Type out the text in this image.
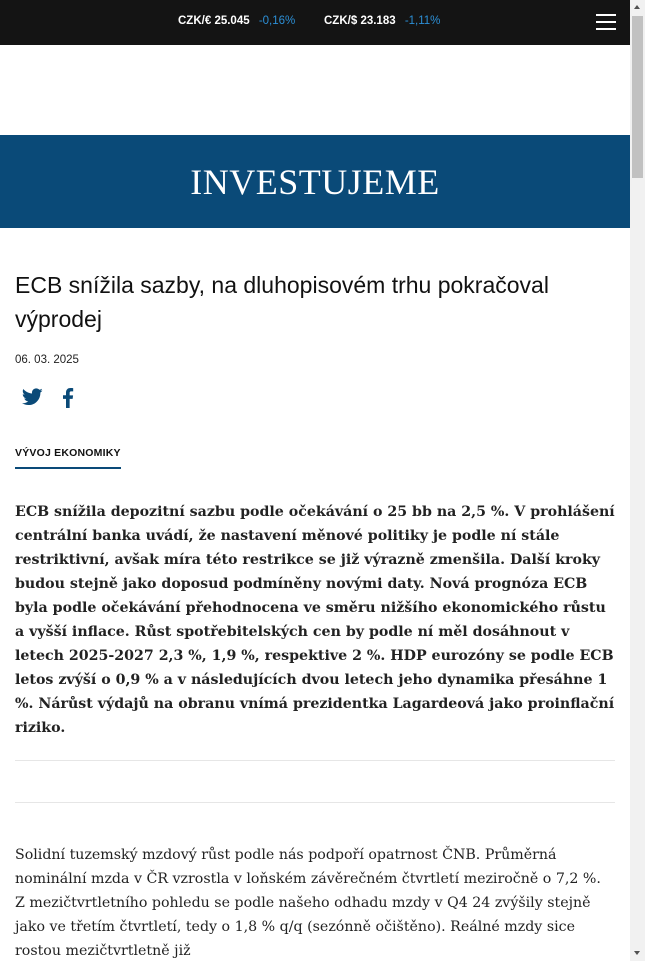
CZK/€ 25.045 -0,16% CZK/$ 23.183 -1,11%
INVESTUJEME
ECB snížila sazby, na dluhopisovém trhu pokračoval výprodej
06. 03. 2025
VÝVOJ EKONOMIKY

ECB snížila depozitní sazbu podle očekávání o 25 bb na 2,5 %. V prohlášení centrální banka uvádí, že nastavení měnové politiky je podle ní stále restriktivní, avšak míra této restrikce se již výrazně zmenšila. Další kroky budou stejně jako doposud podmíněny novými daty. Nová prognóza ECB byla podle očekávání přehodnocena ve směru nižšího ekonomického růstu a vyšší inflace. Růst spotřebitelských cen by podle ní měl dosáhnout v letech 2025-2027 2,3 %, 1,9 %, respektive 2 %. HDP eurozóny se podle ECB letos zvýší o 0,9 % a v následujících dvou letech jeho dynamika přesáhne 1 %. Nárůst výdajů na obranu vnímá prezidentka Lagardeová jako proinflační riziko.

Solidní tuzemský mzdový růst podle nás podpoří opatrnost ČNB. Průměrná nominální mzda v ČR vzrostla v loňském závěrečném čtvrtletí meziročně o 7,2 %. Z mezičtvrtletního pohledu se podle našeho odhadu mzdy v Q4 24 zvýšily stejně jako ve třetím čtvrtletí, tedy o 1,8 % q/q (sezónně očištěno). Reálné mzdy sice rostou mezičtvrtletně již
